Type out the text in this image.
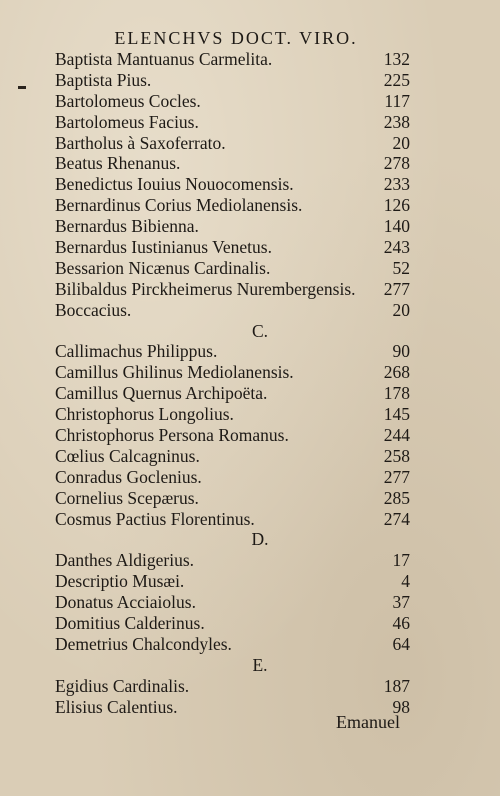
ELENCHVS DOCT. VIRO.
Baptista Mantuanus Carmelita.	132
Baptista Pius.	225
Bartolomeus Cocles.	117
Bartolomeus Facius.	238
Bartholus à Saxoferrato.	20
Beatus Rhenanus.	278
Benedictus Iouius Nouocomensis.	233
Bernardinus Corius Mediolanensis.	126
Bernardus Bibienna.	140
Bernardus Iustinianus Venetus.	243
Bessarion Nicænus Cardinalis.	52
Bilibaldus Pirckheimerus Nurembergensis. 277
Boccacius.	20
C.
Callimachus Philippus.	90
Camillus Ghilinus Mediolanensis.	268
Camillus Quernus Archipoëta.	178
Christophorus Longolius.	145
Christophorus Persona Romanus.	244
Cœlius Calcagninus.	258
Conradus Goclenius.	277
Cornelius Scepærus.	285
Cosmus Pactius Florentinus.	274
D.
Danthes Aldigerius.	17
Descriptio Musæi.	4
Donatus Acciaiolus.	37
Domitius Calderinus.	46
Demetrius Chalcondyles.	64
E.
Egidius Cardinalis.	187
Elisius Calentius.	98
Emanuel
